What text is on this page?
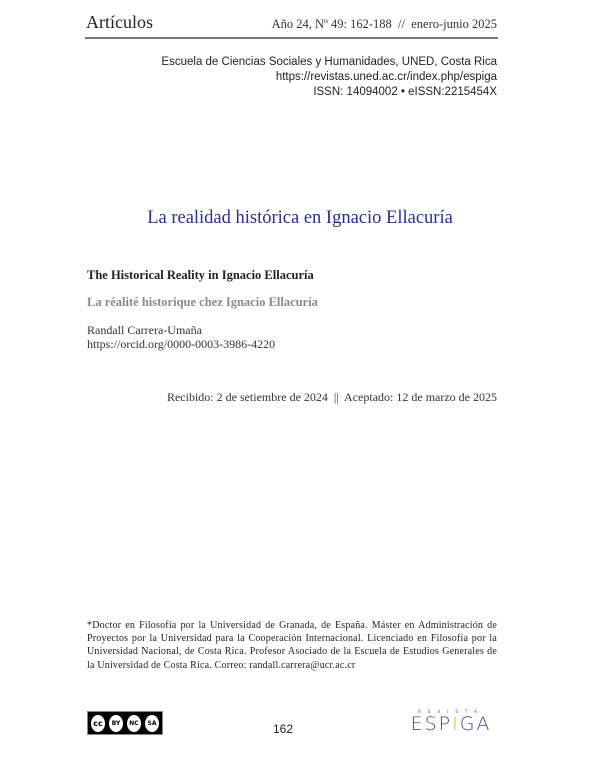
Artículos	Año 24, Nº 49: 162-188  //  enero-junio 2025
Escuela de Ciencias Sociales y Humanidades, UNED, Costa Rica
https://revistas.uned.ac.cr/index.php/espiga
ISSN: 14094002 • eISSN:2215454X
La realidad histórica en Ignacio Ellacuría
The Historical Reality in Ignacio Ellacuría
La réalité historique chez Ignacio Ellacuría
Randall Carrera-Umaña
https://orcid.org/0000-0003-3986-4220
Recibido: 2 de setiembre de 2024  ||  Aceptado: 12 de marzo de 2025
*Doctor en Filosofía por la Universidad de Granada, de España. Máster en Administración de Proyectos por la Universidad para la Cooperación Internacional. Licenciado en Filosofía por la Universidad Nacional, de Costa Rica. Profesor Asociado de la Escuela de Estudios Generales de la Universidad de Costa Rica. Correo: randall.carrera@ucr.ac.cr
cc	BY	NC	SA	162
REVISTA
ESPIGA
